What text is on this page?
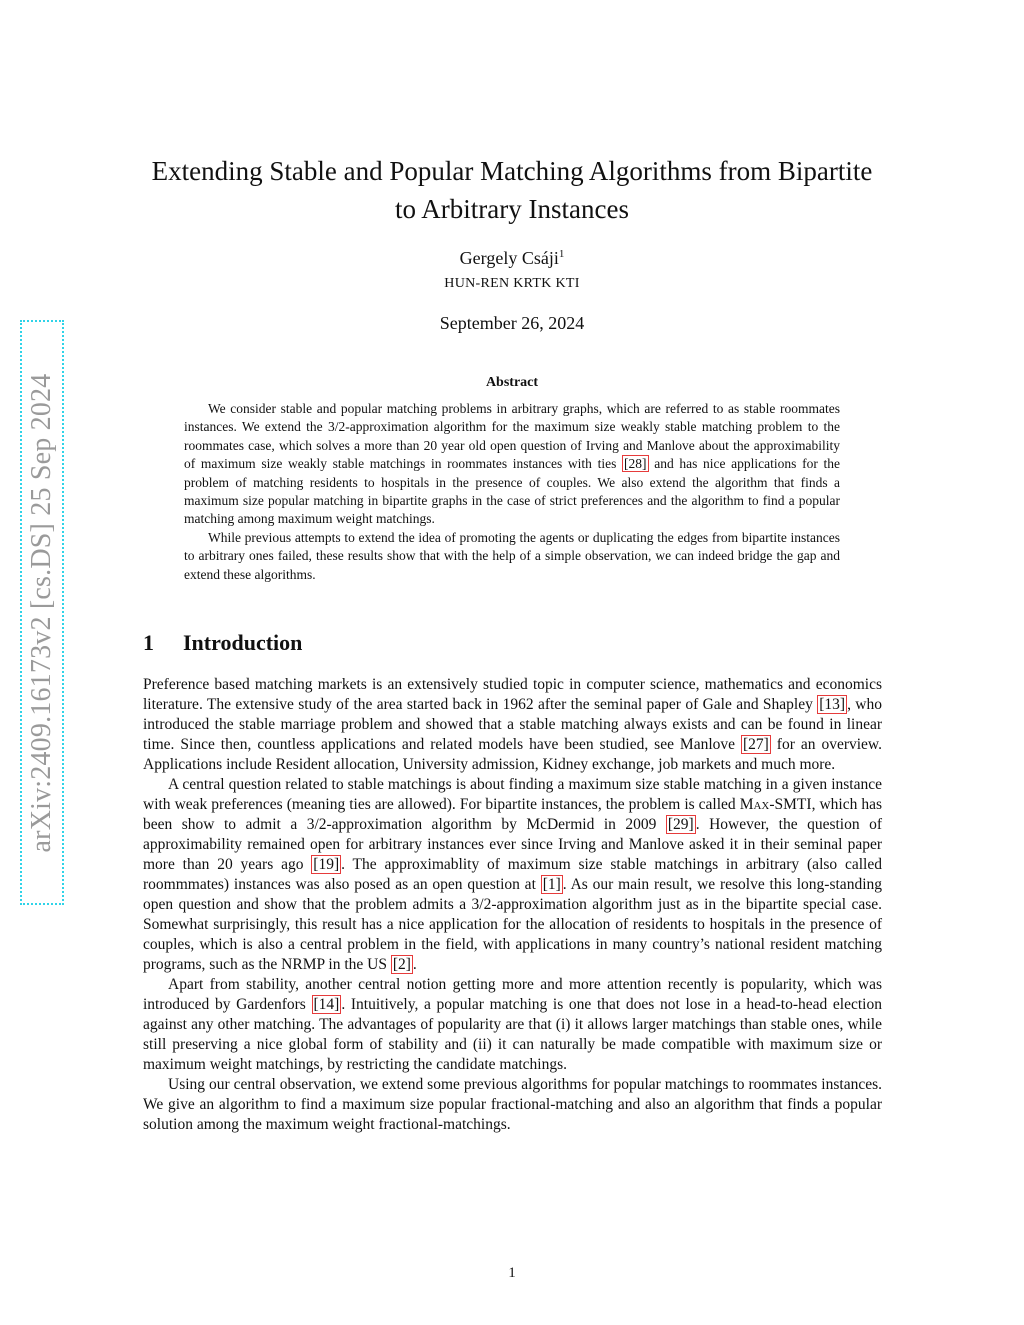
arXiv:2409.16173v2 [cs.DS] 25 Sep 2024
Extending Stable and Popular Matching Algorithms from Bipartite to Arbitrary Instances
Gergely Csáji$^1$
HUN-REN KRTK KTI
September 26, 2024
Abstract

We consider stable and popular matching problems in arbitrary graphs, which are referred to as stable roommates instances. We extend the 3/2-approximation algorithm for the maximum size weakly stable matching problem to the roommates case, which solves a more than 20 year old open question of Irving and Manlove about the approximability of maximum size weakly stable matchings in roommates instances with ties [28] and has nice applications for the problem of matching residents to hospitals in the presence of couples. We also extend the algorithm that finds a maximum size popular matching in bipartite graphs in the case of strict preferences and the algorithm to find a popular matching among maximum weight matchings.

While previous attempts to extend the idea of promoting the agents or duplicating the edges from bipartite instances to arbitrary ones failed, these results show that with the help of a simple observation, we can indeed bridge the gap and extend these algorithms.

1 Introduction

Preference based matching markets is an extensively studied topic in computer science, mathematics and economics literature. The extensive study of the area started back in 1962 after the seminal paper of Gale and Shapley [13] , who introduced the stable marriage problem and showed that a stable matching always exists and can be found in linear time. Since then, countless applications and related models have been studied, see Manlove [27] for an overview. Applications include Resident allocation, University admission, Kidney exchange, job markets and much more.

A central question related to stable matchings is about finding a maximum size stable matching in a given instance with weak preferences (meaning ties are allowed). For bipartite instances, the problem is called Max-SMTI, which has been show to admit a 3/2-approximation algorithm by McDermid in 2009 [29] . However, the question of approximability remained open for arbitrary instances ever since Irving and Manlove asked it in their seminal paper more than 20 years ago [19] . The approximablity of maximum size stable matchings in arbitrary (also called roommmates) instances was also posed as an open question at [1] . As our main result, we resolve this long-standing open question and show that the problem admits a 3/2-approximation algorithm just as in the bipartite special case. Somewhat surprisingly, this result has a nice application for the allocation of residents to hospitals in the presence of couples, which is also a central problem in the field, with applications in many country’s national resident matching programs, such as the NRMP in the US [2] .

Apart from stability, another central notion getting more and more attention recently is popularity, which was introduced by Gardenfors [14] . Intuitively, a popular matching is one that does not lose in a head-to-head election against any other matching. The advantages of popularity are that (i) it allows larger matchings than stable ones, while still preserving a nice global form of stability and (ii) it can naturally be made compatible with maximum size or maximum weight matchings, by restricting the candidate matchings.

Using our central observation, we extend some previous algorithms for popular matchings to roommates instances. We give an algorithm to find a maximum size popular fractional-matching and also an algorithm that finds a popular solution among the maximum weight fractional-matchings.

1
